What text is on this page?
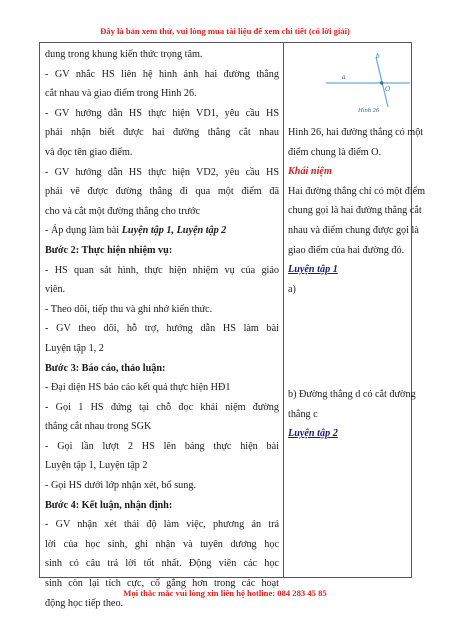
Đây là bản xem thử, vui lòng mua tài liệu để xem chi tiết (có lời giải)
dung trong khung kiến thức trọng tâm.
- GV nhắc HS liên hệ hình ảnh hai đường thẳng
cắt nhau và giao điểm trong Hình 26.
- GV hướng dẫn HS thực hiện VD1, yêu cầu HS
phải nhận biết được hai đường thẳng cắt nhau
và đọc tên giao điểm.
- GV hướng dẫn HS thực hiện VD2, yêu cầu HS
phải vẽ được đường thẳng đi qua một điểm đã
cho và cắt một đường thẳng cho trước
- Áp dụng làm bài Luyện tập 1, Luyện tập 2
Bước 2: Thực hiện nhiệm vụ:
- HS quan sát hình, thực hiện nhiệm vụ của giáo
viên.
- Theo dõi, tiếp thu và ghi nhớ kiến thức.
- GV theo dõi, hỗ trợ, hướng dẫn HS làm bài
Luyện tập 1, 2
Bước 3: Báo cáo, thảo luận:
- Đại diện HS báo cáo kết quả thực hiện HĐ1
- Gọi 1 HS đứng tại chỗ đọc khái niệm đường
thẳng cắt nhau trong SGK
- Gọi lần lượt 2 HS lên bảng thực hiện bài
Luyện tập 1, Luyện tập 2
- Gọi HS dưới lớp nhận xét, bổ sung.
Bước 4: Kết luận, nhận định:
- GV nhận xét thái độ làm việc, phương án trả
lời của học sinh, ghi nhận và tuyên dương học
sinh có câu trả lời tốt nhất. Động viên các học
sinh còn lại tích cực, cố gắng hơn trong các hoạt
động học tiếp theo.
a
b
O
Hình 26
Hình 26, hai đường thẳng có một
điểm chung là điểm O.
Khái niệm
Hai đường thẳng chỉ có một điểm
chung gọi là hai đường thẳng cắt
nhau và điểm chung được gọi là
giao điểm của hai đường đó.
Luyện tập 1
a)
b) Đường thẳng d có cắt đường
thẳng c
Luyện tập 2
Mọi thắc mắc vui lòng xin liên hệ hotline: 084 283 45 85
